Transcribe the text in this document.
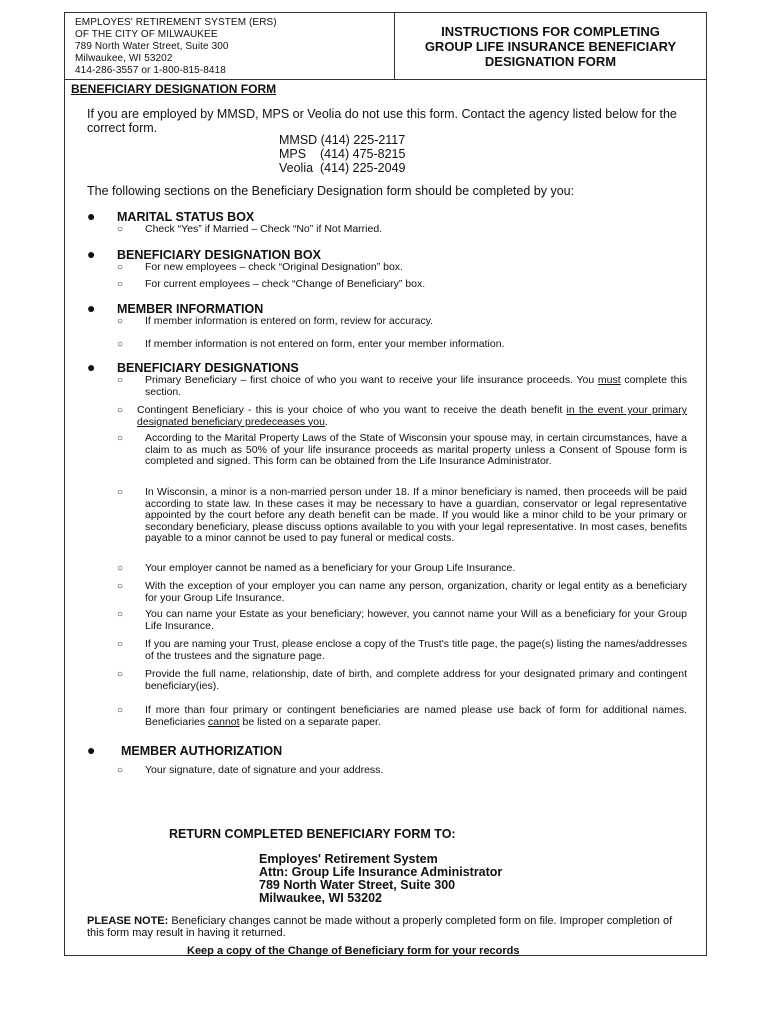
EMPLOYES' RETIREMENT SYSTEM (ERS)
OF THE CITY OF MILWAUKEE
789 North Water Street, Suite 300
Milwaukee, WI 53202
414-286-3557 or 1-800-815-8418
INSTRUCTIONS FOR COMPLETING
GROUP LIFE INSURANCE BENEFICIARY
DESIGNATION FORM
BENEFICIARY DESIGNATION FORM
If you are employed by MMSD, MPS or Veolia do not use this form. Contact the agency listed below for the correct form.
MMSD (414) 225-2117
MPS    (414) 475-8215
Veolia  (414) 225-2049
The following sections on the Beneficiary Designation form should be completed by you:
● MARITAL STATUS BOX
○ Check “Yes” if Married – Check “No” if Not Married.
● BENEFICIARY DESIGNATION BOX
○ For new employees – check “Original Designation” box.
○ For current employees – check “Change of Beneficiary” box.
● MEMBER INFORMATION
○ If member information is entered on form, review for accuracy.
○ If member information is not entered on form, enter your member information.
● BENEFICIARY DESIGNATIONS
○ Primary Beneficiary – first choice of who you want to receive your life insurance proceeds. You must complete this section.
○ Contingent Beneficiary - this is your choice of who you want to receive the death benefit in the event your primary designated beneficiary predeceases you.
○ According to the Marital Property Laws of the State of Wisconsin your spouse may, in certain circumstances, have a claim to as much as 50% of your life insurance proceeds as marital property unless a Consent of Spouse form is completed and signed. This form can be obtained from the Life Insurance Administrator.
○ In Wisconsin, a minor is a non-married person under 18. If a minor beneficiary is named, then proceeds will be paid according to state law. In these cases it may be necessary to have a guardian, conservator or legal representative appointed by the court before any death benefit can be made. If you would like a minor child to be your primary or secondary beneficiary, please discuss options available to you with your legal representative. In most cases, benefits payable to a minor cannot be used to pay funeral or medical costs.
○ Your employer cannot be named as a beneficiary for your Group Life Insurance.
○ With the exception of your employer you can name any person, organization, charity or legal entity as a beneficiary for your Group Life Insurance.
○ You can name your Estate as your beneficiary; however, you cannot name your Will as a beneficiary for your Group Life Insurance.
○ If you are naming your Trust, please enclose a copy of the Trust's title page, the page(s) listing the names/addresses of the trustees and the signature page.
○ Provide the full name, relationship, date of birth, and complete address for your designated primary and contingent beneficiary(ies).
○ If more than four primary or contingent beneficiaries are named please use back of form for additional names. Beneficiaries cannot be listed on a separate paper.
● MEMBER AUTHORIZATION
○ Your signature, date of signature and your address.
RETURN COMPLETED BENEFICIARY FORM TO:
Employes' Retirement System
Attn: Group Life Insurance Administrator
789 North Water Street, Suite 300
Milwaukee, WI 53202
PLEASE NOTE: Beneficiary changes cannot be made without a properly completed form on file. Improper completion of this form may result in having it returned.
Keep a copy of the Change of Beneficiary form for your records
